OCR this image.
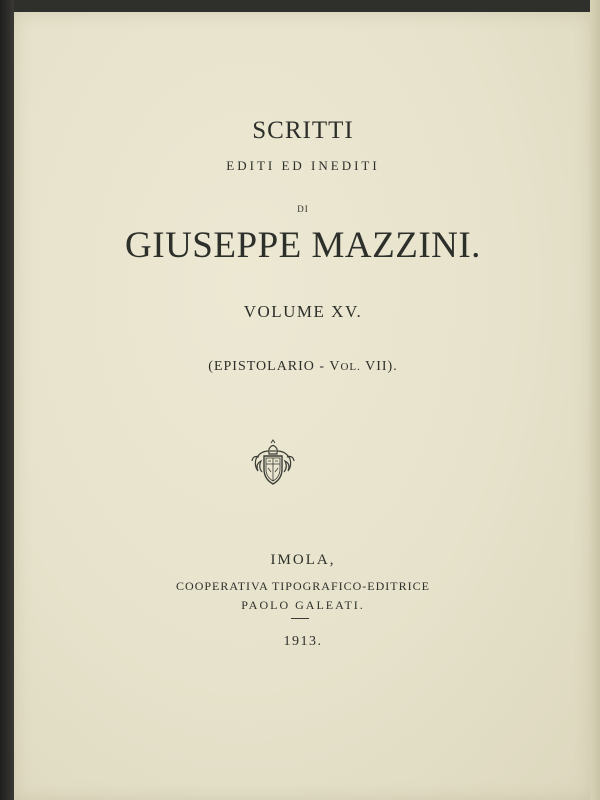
SCRITTI
EDITI ED INEDITI
DI
GIUSEPPE MAZZINI.
VOLUME XV.
(EPISTOLARIO - VOL. VII).
IMOLA,
COOPERATIVA TIPOGRAFICO-EDITRICE
PAOLO GALEATI.
1913.
